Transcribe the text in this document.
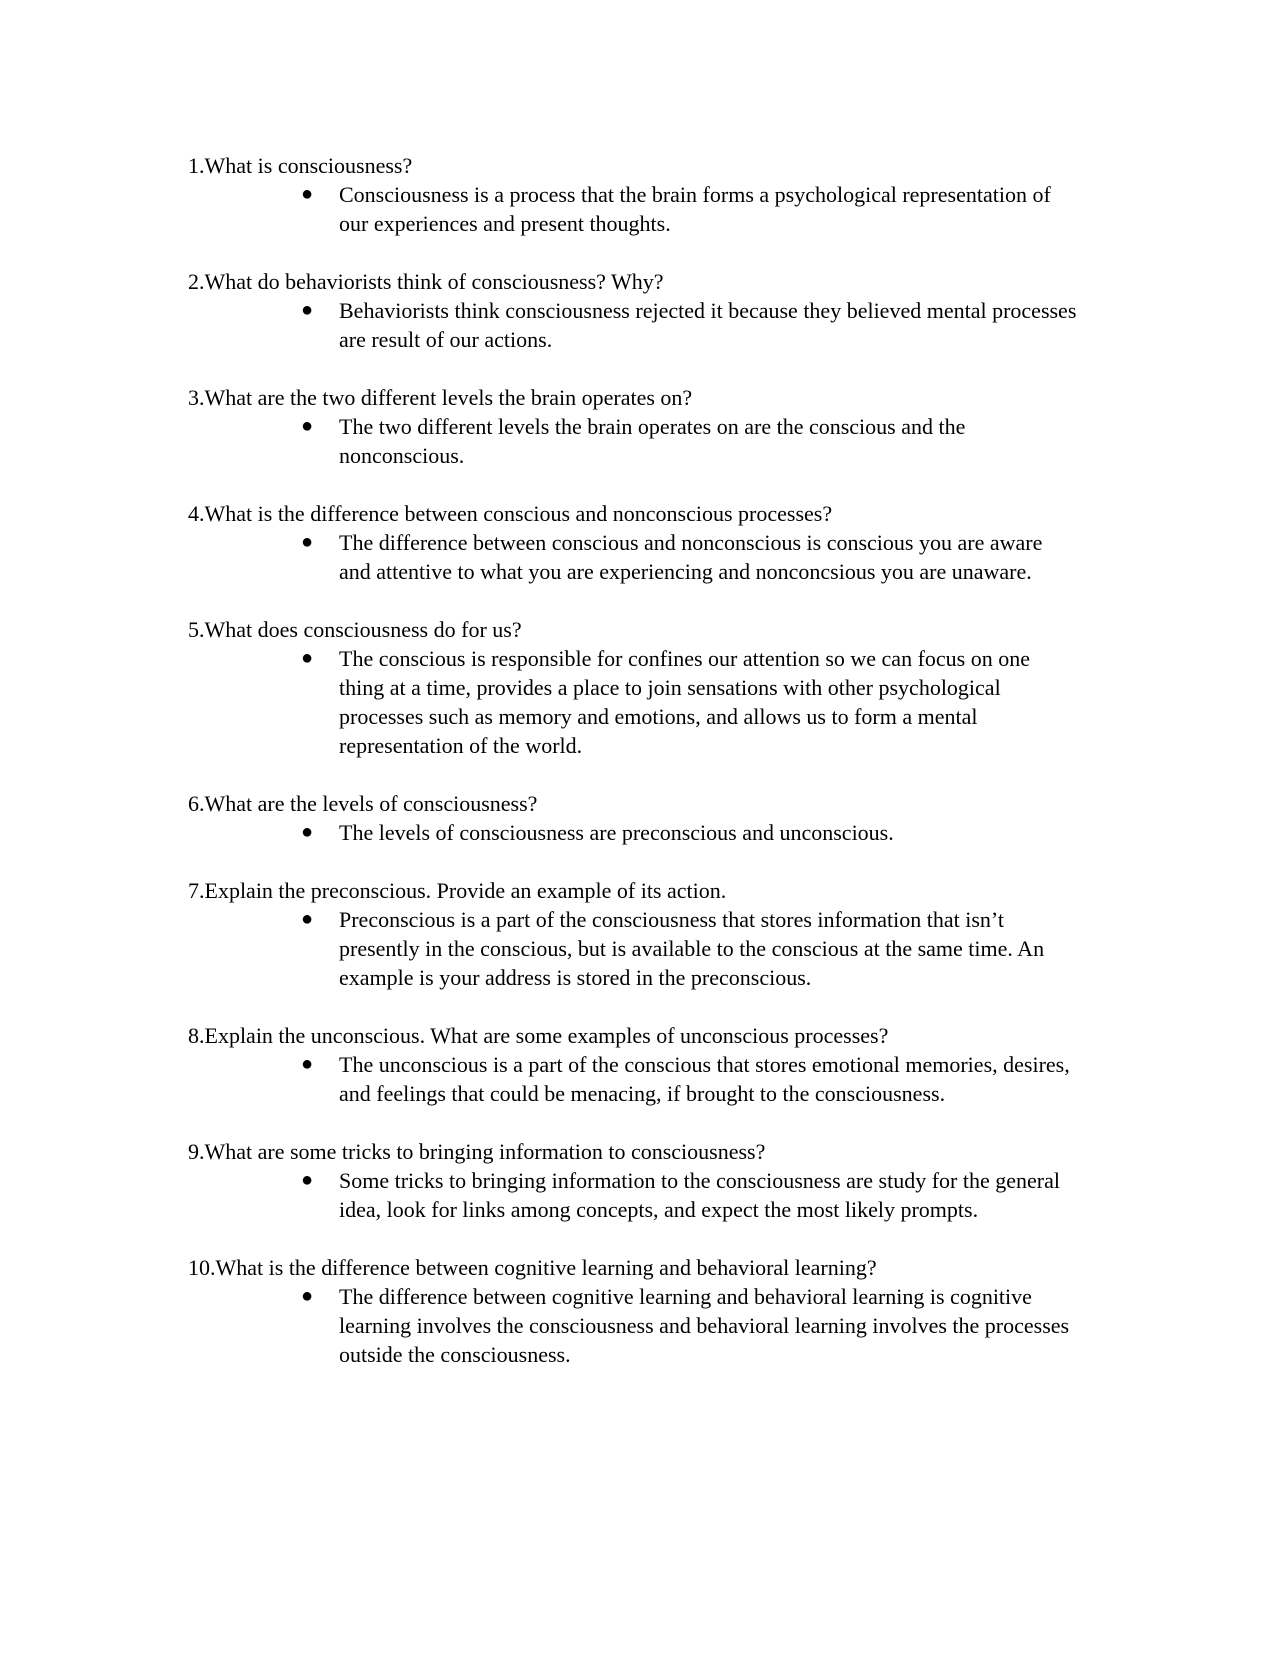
1.What is consciousness?

● Consciousness is a process that the brain forms a psychological representation of our experiences and present thoughts.

2.What do behaviorists think of consciousness? Why?

● Behaviorists think consciousness rejected it because they believed mental processes are result of our actions.

3.What are the two different levels the brain operates on?

● The two different levels the brain operates on are the conscious and the nonconscious.

4.What is the difference between conscious and nonconscious processes?

● The difference between conscious and nonconscious is conscious you are aware and attentive to what you are experiencing and nonconcsious you are unaware.

5.What does consciousness do for us?

● The conscious is responsible for confines our attention so we can focus on one thing at a time, provides a place to join sensations with other psychological processes such as memory and emotions, and allows us to form a mental representation of the world.

6.What are the levels of consciousness?

● The levels of consciousness are preconscious and unconscious.

7.Explain the preconscious. Provide an example of its action.

● Preconscious is a part of the consciousness that stores information that isn’t presently in the conscious, but is available to the conscious at the same time. An example is your address is stored in the preconscious.

8.Explain the unconscious. What are some examples of unconscious processes?

● The unconscious is a part of the conscious that stores emotional memories, desires, and feelings that could be menacing, if brought to the consciousness.

9.What are some tricks to bringing information to consciousness?

● Some tricks to bringing information to the consciousness are study for the general idea, look for links among concepts, and expect the most likely prompts.

10.What is the difference between cognitive learning and behavioral learning?

● The difference between cognitive learning and behavioral learning is cognitive learning involves the consciousness and behavioral learning involves the processes outside the consciousness.
